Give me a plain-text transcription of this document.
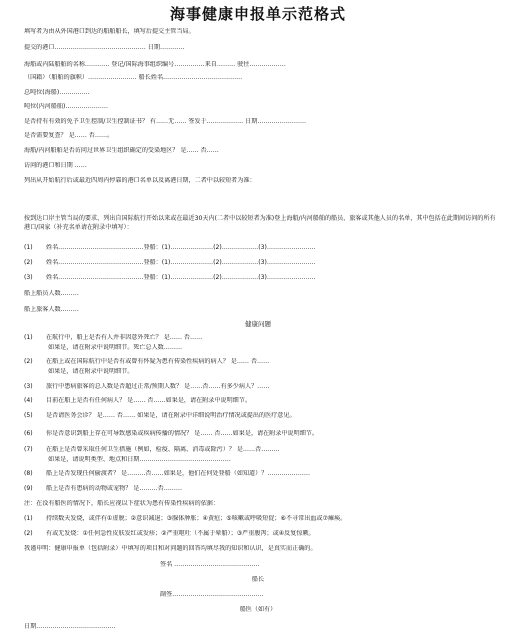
海事健康申报单示范格式
填写者为由从外国港口到达的船舶船长，填写后提交主管当局。
提交的港口……………………………………… 日期…………
海船或内陆船舶的名称………… 登记/国际海事组织编号……………来自……… 驶往………………
（国籍）（船舶的旗帜）…………………… 船长姓名…………………………………
总吨位(海船)……………
吨位(内河船舶)…………………
是否持有有效的免予卫生控制/卫生控制证书？ 有……无…… 签发于……………… 日期……………………
是否需要复查？ 是…… 否……。
海船/内河船舶是否访问过世界卫生组织确定的受染地区？ 是…… 否……
访问的港口和日期 ……
列出从开始航行后或最近四周内停靠的港口名单以及离港日期，二者中以较短者为准：
按到达口岸主管当局的要求，列出自国际航行开始以来或在最近30天内(二者中以较短者为准)登上海船/内河船舶的船员、旅客或其他人员的名单，其中包括在此期间访问的所有港口/国家（补充名单请在附录中填写）：
(1) 姓名……………………………………登船：(1)…………………(2)………………(3)……………………
(2) 姓名……………………………………登船：(1)…………………(2)………………(3)……………………
(3) 姓名……………………………………登船：(1)…………………(2)………………(3)……………………
船上船员人数………
船上旅客人数………
健康问题
(1) 在航行中，船上是否有人并非因意外死亡？ 是…… 否……
如果是，请在附录中说明细节。死亡总人数………
(2) 在船上或在国际航行中是否有或曾有怀疑为患有传染性疾病的病人？ 是…… 否……
如果是，请在附录中说明细节。
(3) 旅行中患病旅客的总人数是否超过正常/预期人数？ 是……否……有多少病人？……
(4) 目前在船上是否有任何病人？ 是…… 否……如果是，请在附录中说明细节。
(5) 是否请医务会诊？ 是…… 否…… 如果是，请在附录中详细说明治疗情况或提出的医疗意见。
(6) 你是否意识到船上存在可导致感染或疾病传播的情况？ 是…… 否……如果是，请在附录中说明细节。
(7) 在船上是否曾采取任何卫生措施（例如，检疫、隔离、消毒或除污）？ 是……否………
如果是，请说明类型、地点和日期………………………………………
(8) 船上是否发现任何偷渡者？ 是………否……如果是，他们在何处登船（如知道）？…………………
(9) 船上是否有患病的动物或宠物？ 是………否………
注：在没有船医的情况下，船长应视以下症状为患有传染性疾病的依据：
(1) 持续数天发烧，或伴有①虚脱；②意识减退；③腺体肿胀；④黄疸；⑤咳嗽或呼吸短促；⑥不寻常出血或⑦瘫痪。
(2) 有或无发烧：①任何急性皮肤发红或发疹；②严重呕吐（不属于晕船）；③严重腹泻；或④反复惊厥。
我谨申明：健康申报单（包括附录）中填写的项目和对问题的回答均填尽我的知识和认识，是真实而正确的。
签名 ……………………………………
船长
副签………………………………………
船医（如有）
日期…………………………………
